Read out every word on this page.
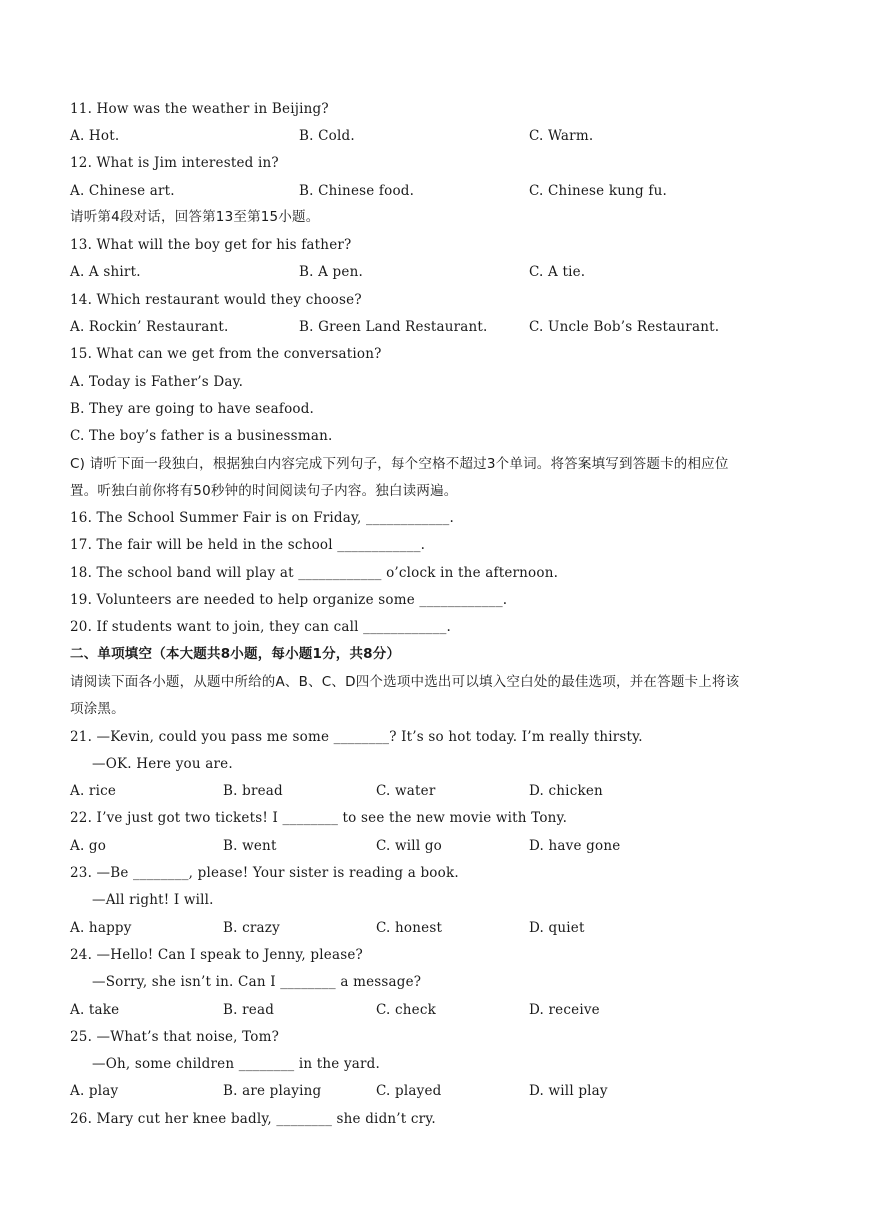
11. How was the weather in Beijing?
12. What is Jim interested in?
请听第4段对话，回答第13至第15小题。
13. What will the boy get for his father?
14. Which restaurant would they choose?
15. What can we get from the conversation?
A. Today is Father’s Day.
B. They are going to have seafood.
C. The boy’s father is a businessman.
C) 请听下面一段独白，根据独白内容完成下列句子，每个空格不超过3个单词。将答案填写到答题卡的相应位
置。听独白前你将有50秒钟的时间阅读句子内容。独白读两遍。
16. The School Summer Fair is on Friday, ____________.
17. The fair will be held in the school ____________.
18. The school band will play at ____________ o’clock in the afternoon.
19. Volunteers are needed to help organize some ____________.
20. If students want to join, they can call ____________.
二、单项填空（本大题共8小题，每小题1分，共8分）
请阅读下面各小题，从题中所给的A、B、C、D四个选项中选出可以填入空白处的最佳选项，并在答题卡上将该
项涂黑。
21. —Kevin, could you pass me some ________? It’s so hot today. I’m really thirsty.
—OK. Here you are.
22. I’ve just got two tickets! I ________ to see the new movie with Tony.
23. —Be ________, please! Your sister is reading a book.
—All right! I will.
24. —Hello! Can I speak to Jenny, please?
—Sorry, she isn’t in. Can I ________ a message?
25. —What’s that noise, Tom?
—Oh, some children ________ in the yard.
26. Mary cut her knee badly, ________ she didn’t cry.
A. Hot.	B. Cold.	C. Warm.
A. Chinese art.	B. Chinese food.	C. Chinese kung fu.
A. A shirt.	B. A pen.	C. A tie.
A. Rockin’ Restaurant.	B. Green Land Restaurant.	C. Uncle Bob’s Restaurant.
A. rice	B. bread	C. water	D. chicken
A. go	B. went	C. will go	D. have gone
A. happy	B. crazy	C. honest	D. quiet
A. take	B. read	C. check	D. receive
A. play	B. are playing	C. played	D. will play
